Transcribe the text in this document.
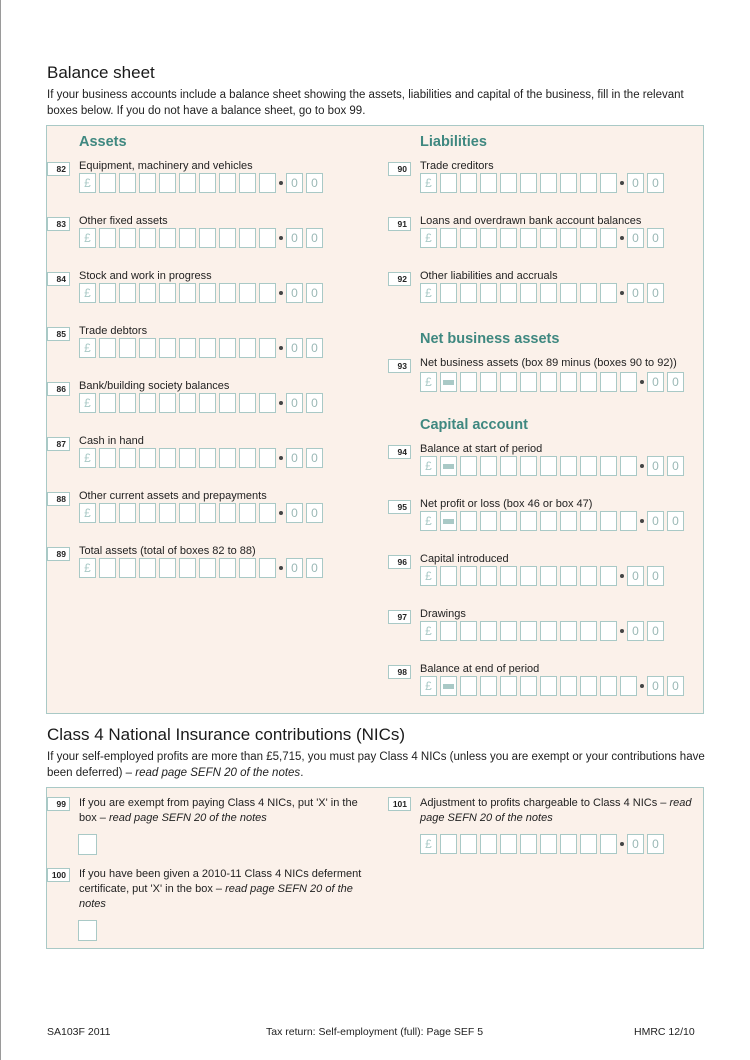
Balance sheet

If your business accounts include a balance sheet showing the assets, liabilities and capital of the business, fill in the relevant boxes below. If you do not have a balance sheet, go to box 99.

Assets	Liabilities
Net business assets
Capital account
82	Equipment, machinery and vehicles
£	0	0
83	Other fixed assets
£	0	0
84	Stock and work in progress
£	0	0
85	Trade debtors
£	0	0
86	Bank/building society balances
£	0	0
87	Cash in hand
£	0	0
88	Other current assets and prepayments
£	0	0
89	Total assets (total of boxes 82 to 88)
£	0	0
90	Trade creditors
£	0	0
91	Loans and overdrawn bank account balances
£	0	0
92	Other liabilities and accruals
£	0	0
93	Net business assets (box 89 minus (boxes 90 to 92))
£	0	0
94	Balance at start of period
£	0	0
95	Net profit or loss (box 46 or box 47)
£	0	0
96	Capital introduced
£	0	0
97	Drawings
£	0	0
98	Balance at end of period
£	0	0
Class 4 National Insurance contributions (NICs)

If your self-employed profits are more than £5,715, you must pay Class 4 NICs (unless you are exempt or your contributions have been deferred) – read page SEFN 20 of the notes.

99	If you are exempt from paying Class 4 NICs, put 'X' in the box – read page SEFN 20 of the notes
100	If you have been given a 2010-11 Class 4 NICs deferment certificate, put 'X' in the box – read page SEFN 20 of the notes
101	Adjustment to profits chargeable to Class 4 NICs – read page SEFN 20 of the notes
£	0	0
SA103F 2011	Tax return: Self-employment (full): Page SEF 5	HMRC 12/10
